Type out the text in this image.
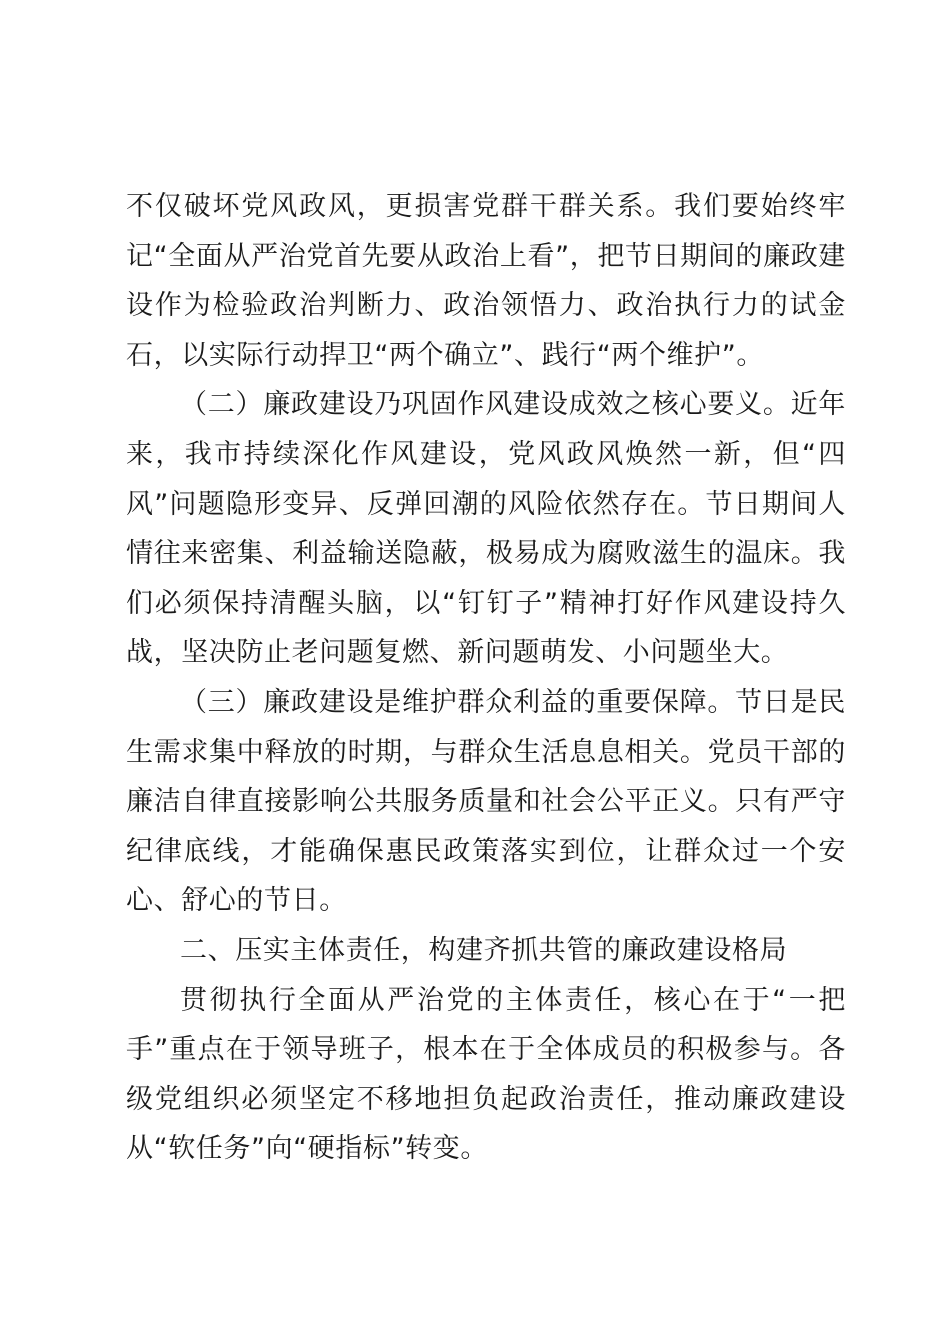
不仅破坏党风政风，更损害党群干群关系。我们要始终牢记“全面从严治党首先要从政治上看”，把节日期间的廉政建设作为检验政治判断力、政治领悟力、政治执行力的试金石，以实际行动捍卫“两个确立”、践行“两个维护”。

（二）廉政建设乃巩固作风建设成效之核心要义。近年来，我市持续深化作风建设，党风政风焕然一新，但“四风”问题隐形变异、反弹回潮的风险依然存在。节日期间人情往来密集、利益输送隐蔽，极易成为腐败滋生的温床。我们必须保持清醒头脑，以“钉钉子”精神打好作风建设持久战，坚决防止老问题复燃、新问题萌发、小问题坐大。

（三）廉政建设是维护群众利益的重要保障。节日是民生需求集中释放的时期，与群众生活息息相关。党员干部的廉洁自律直接影响公共服务质量和社会公平正义。只有严守纪律底线，才能确保惠民政策落实到位，让群众过一个安心、舒心的节日。

二、压实主体责任，构建齐抓共管的廉政建设格局

贯彻执行全面从严治党的主体责任，核心在于“一把手”重点在于领导班子，根本在于全体成员的积极参与。各级党组织必须坚定不移地担负起政治责任，推动廉政建设从“软任务”向“硬指标”转变。
